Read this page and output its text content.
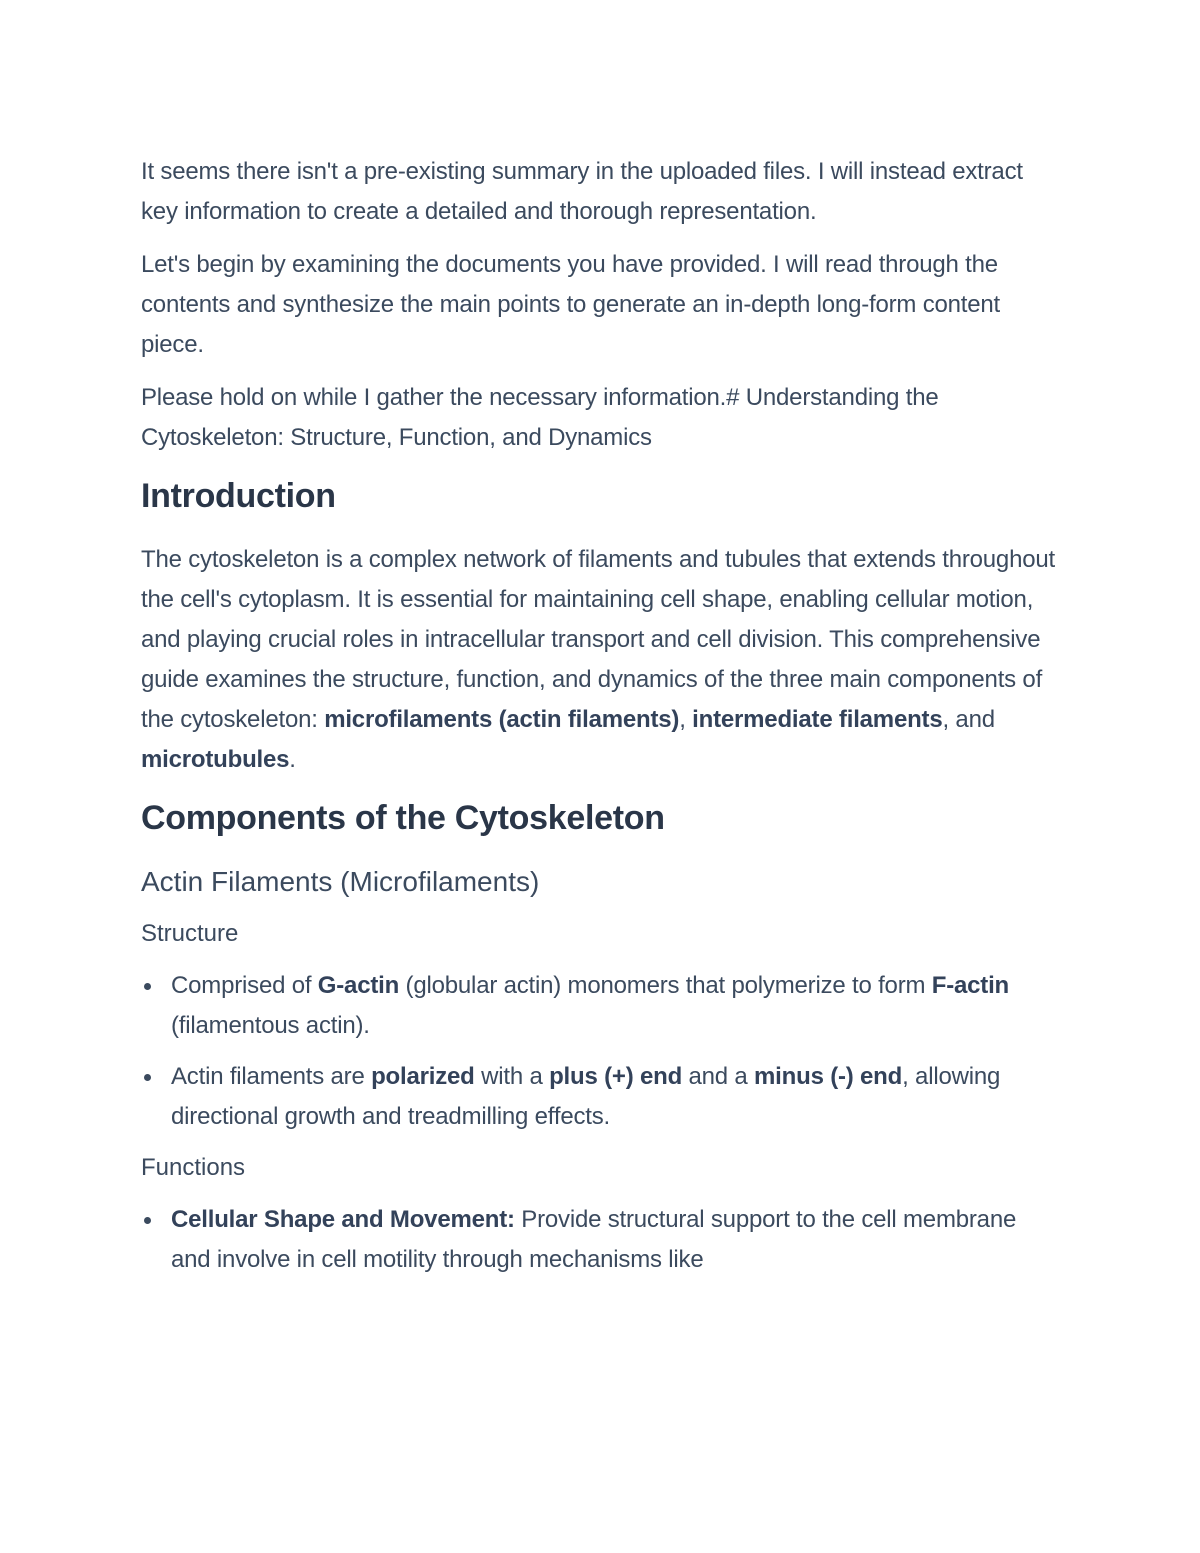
It seems there isn't a pre-existing summary in the uploaded files. I will instead extract key information to create a detailed and thorough representation.

Let's begin by examining the documents you have provided. I will read through the contents and synthesize the main points to generate an in-depth long-form content piece.

Please hold on while I gather the necessary information.# Understanding the Cytoskeleton: Structure, Function, and Dynamics

Introduction

The cytoskeleton is a complex network of filaments and tubules that extends throughout the cell's cytoplasm. It is essential for maintaining cell shape, enabling cellular motion, and playing crucial roles in intracellular transport and cell division. This comprehensive guide examines the structure, function, and dynamics of the three main components of the cytoskeleton: microfilaments (actin filaments), intermediate filaments, and microtubules.

Components of the Cytoskeleton
Actin Filaments (Microfilaments)
Structure
Comprised of G-actin (globular actin) monomers that polymerize to form F-actin (filamentous actin).
Actin filaments are polarized with a plus (+) end and a minus (-) end, allowing directional growth and treadmilling effects.
Functions
Cellular Shape and Movement: Provide structural support to the cell membrane and involve in cell motility through mechanisms like
